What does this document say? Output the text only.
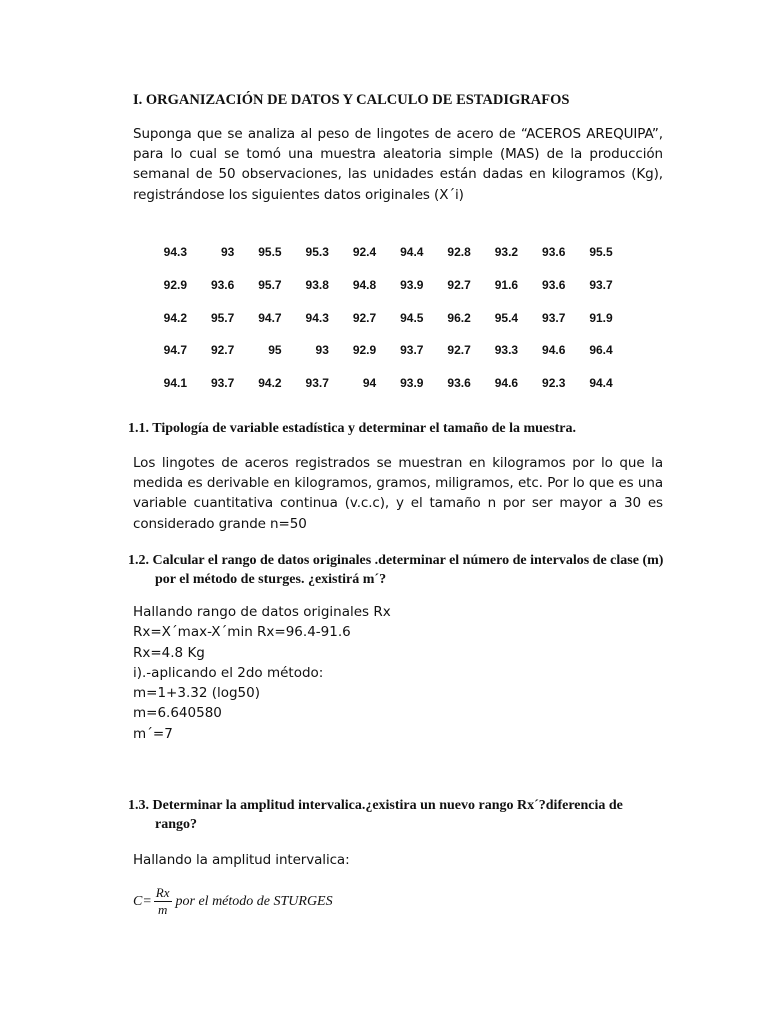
I. ORGANIZACIÓN DE DATOS Y CALCULO DE ESTADIGRAFOS

Suponga que se analiza al peso de lingotes de acero de “ACEROS AREQUIPA”, para lo cual se tomó una muestra aleatoria simple (MAS) de la producción semanal de 50 observaciones, las unidades están dadas en kilogramos (Kg), registrándose los siguientes datos originales (X´i)

94.3	93	95.5	95.3	92.4	94.4	92.8	93.2	93.6	95.5
92.9	93.6	95.7	93.8	94.8	93.9	92.7	91.6	93.6	93.7
94.2	95.7	94.7	94.3	92.7	94.5	96.2	95.4	93.7	91.9
94.7	92.7	95	93	92.9	93.7	92.7	93.3	94.6	96.4
94.1	93.7	94.2	93.7	94	93.9	93.6	94.6	92.3	94.4
1.1. Tipología de variable estadística y determinar el tamaño de la muestra.

Los lingotes de aceros registrados se muestran en kilogramos por lo que la medida es derivable en kilogramos, gramos, miligramos, etc. Por lo que es una variable cuantitativa continua (v.c.c), y el tamaño n por ser mayor a 30 es considerado grande n=50

1.2. Calcular el rango de datos originales .determinar el número de intervalos de clase (m)
por el método de sturges. ¿existirá m´?
Hallando rango de datos originales Rx
Rx=X´max-X´min Rx=96.4-91.6
Rx=4.8 Kg
i).-aplicando el 2do método:
m=1+3.32 (log50)
m=6.640580
m´=7
1.3. Determinar la amplitud intervalica.¿existira un nuevo rango Rx´?diferencia de
rango?

Hallando la amplitud intervalica:

$C= \frac{Rx}{m}$ por el método de STURGES
